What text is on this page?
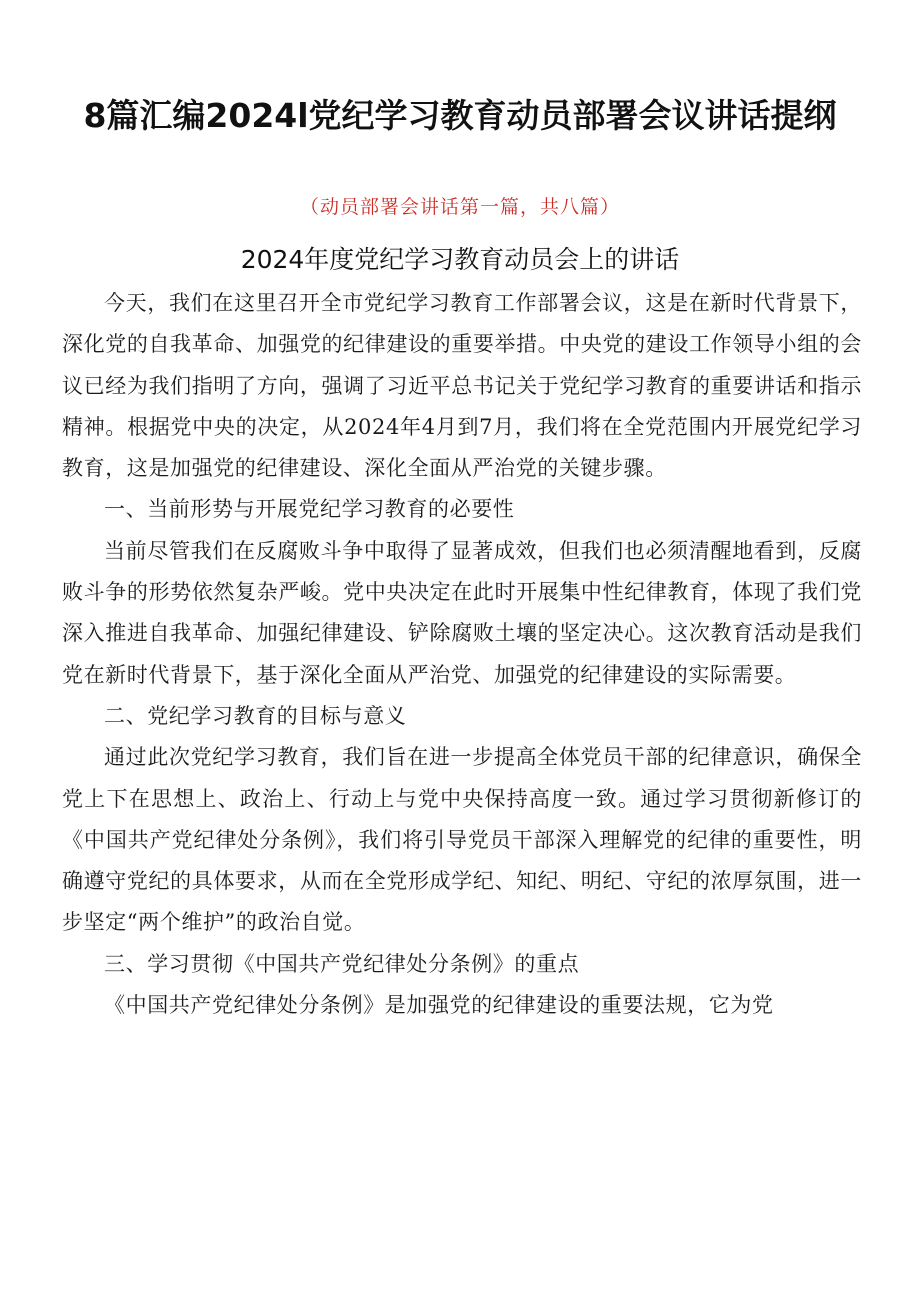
8篇汇编2024l党纪学习教育动员部署会议讲话提纲
（动员部署会讲话第一篇，共八篇）
2024年度党纪学习教育动员会上的讲话

今天，我们在这里召开全市党纪学习教育工作部署会议，这是在新时代背景下，深化党的自我革命、加强党的纪律建设的重要举措。中央党的建设工作领导小组的会议已经为我们指明了方向，强调了习近平总书记关于党纪学习教育的重要讲话和指示精神。根据党中央的决定，从2024年4月到7月，我们将在全党范围内开展党纪学习教育，这是加强党的纪律建设、深化全面从严治党的关键步骤。

一、当前形势与开展党纪学习教育的必要性

当前尽管我们在反腐败斗争中取得了显著成效，但我们也必须清醒地看到，反腐败斗争的形势依然复杂严峻。党中央决定在此时开展集中性纪律教育，体现了我们党深入推进自我革命、加强纪律建设、铲除腐败土壤的坚定决心。这次教育活动是我们党在新时代背景下，基于深化全面从严治党、加强党的纪律建设的实际需要。

二、党纪学习教育的目标与意义

通过此次党纪学习教育，我们旨在进一步提高全体党员干部的纪律意识，确保全党上下在思想上、政治上、行动上与党中央保持高度一致。通过学习贯彻新修订的《中国共产党纪律处分条例》，我们将引导党员干部深入理解党的纪律的重要性，明确遵守党纪的具体要求，从而在全党形成学纪、知纪、明纪、守纪的浓厚氛围，进一步坚定“两个维护”的政治自觉。

三、学习贯彻《中国共产党纪律处分条例》的重点

《中国共产党纪律处分条例》是加强党的纪律建设的重要法规，它为党
